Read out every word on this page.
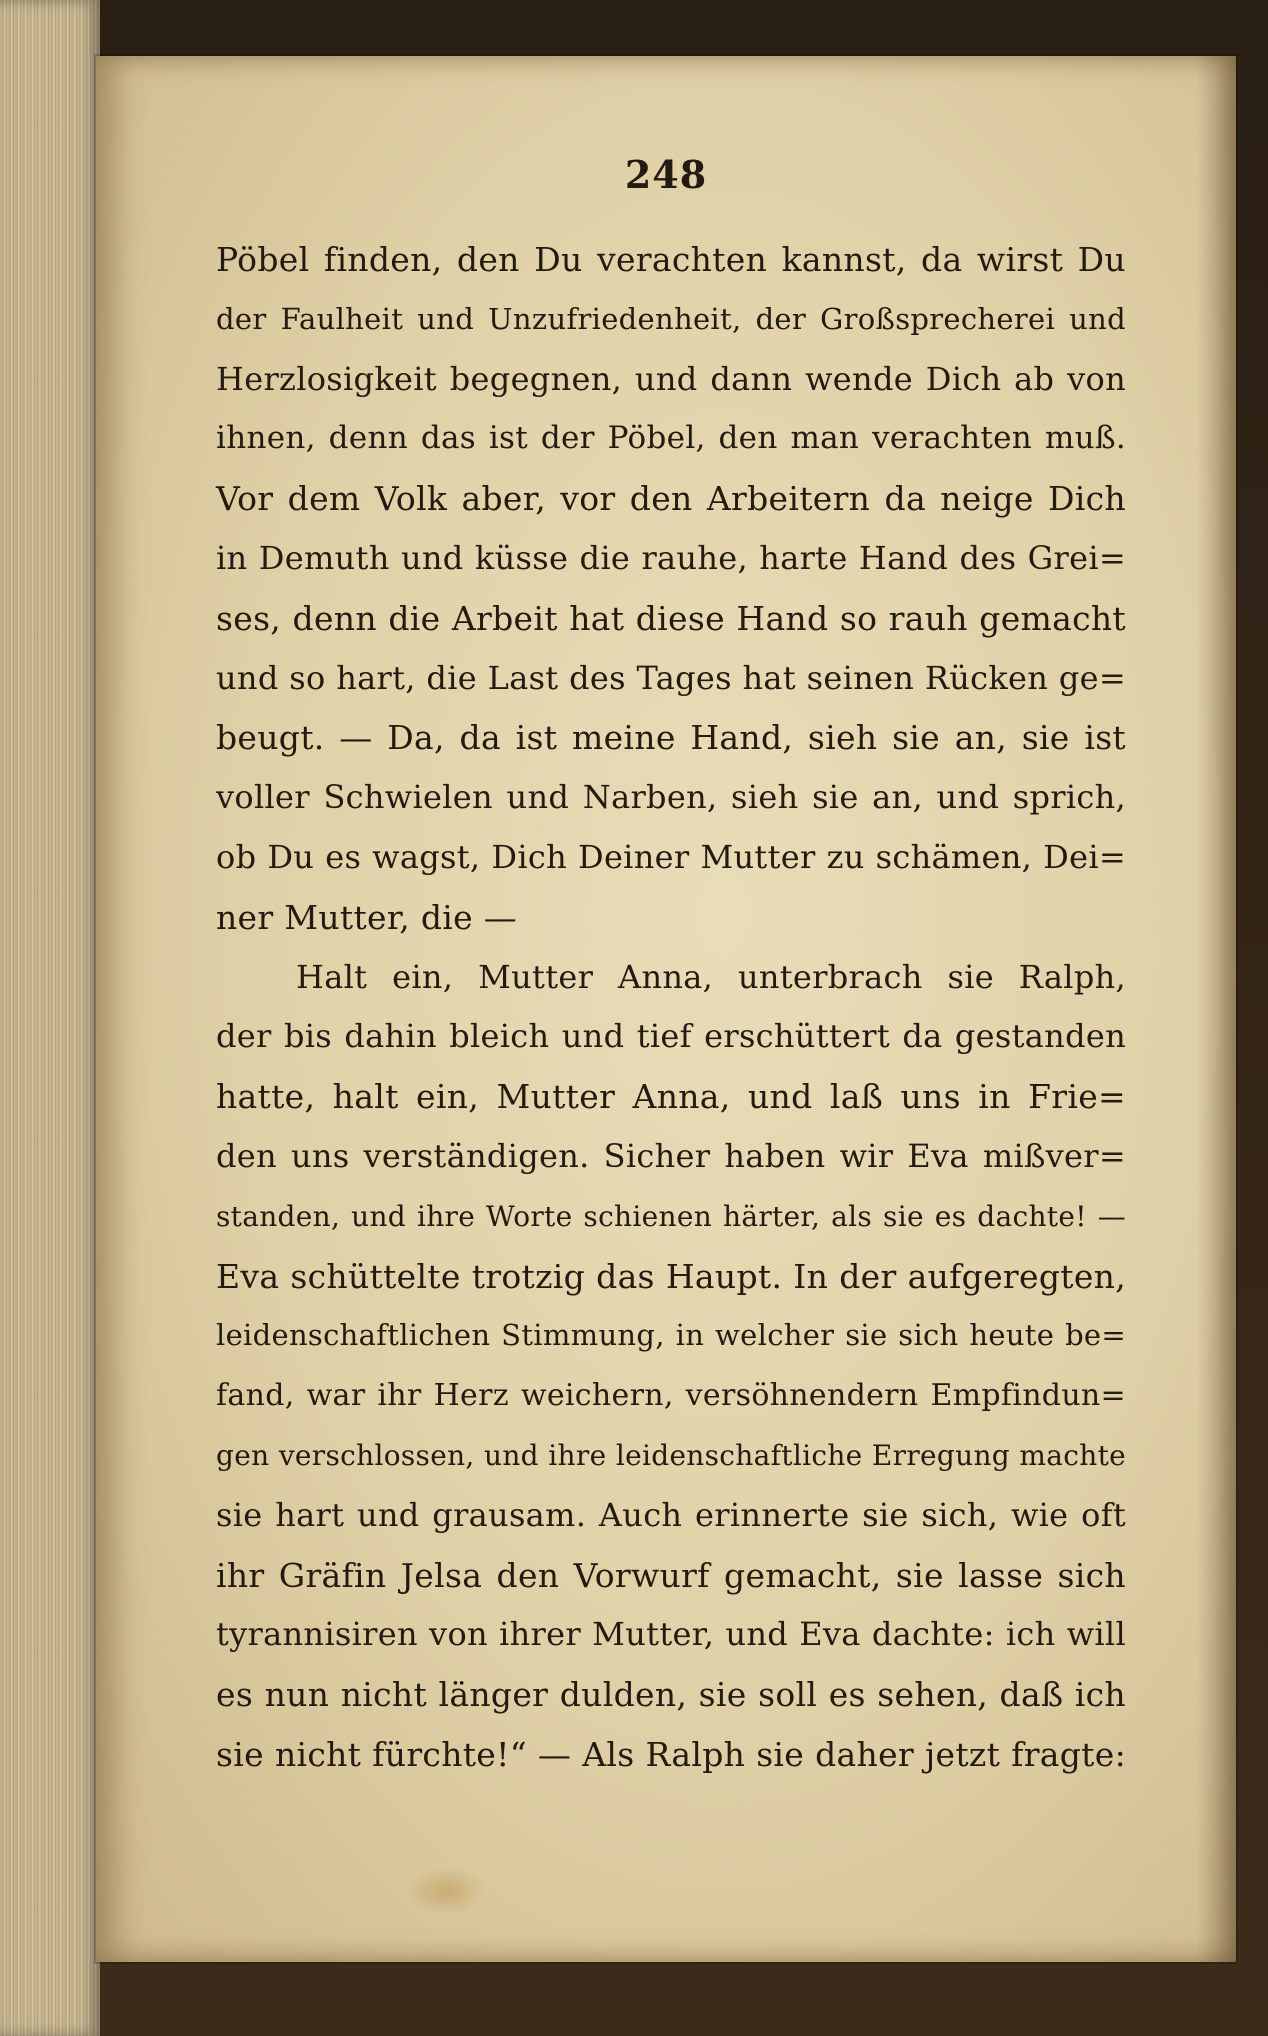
248
Pöbel finden, den Du verachten kannst, da wirst Du
der Faulheit und Unzufriedenheit, der Großsprecherei und
Herzlosigkeit begegnen, und dann wende Dich ab von
ihnen, denn das ist der Pöbel, den man verachten muß.
Vor dem Volk aber, vor den Arbeitern da neige Dich
in Demuth und küsse die rauhe, harte Hand des Grei=
ses, denn die Arbeit hat diese Hand so rauh gemacht
und so hart, die Last des Tages hat seinen Rücken ge=
beugt. — Da, da ist meine Hand, sieh sie an, sie ist
voller Schwielen und Narben, sieh sie an, und sprich,
ob Du es wagst, Dich Deiner Mutter zu schämen, Dei=
ner Mutter, die —
Halt ein, Mutter Anna, unterbrach sie Ralph,
der bis dahin bleich und tief erschüttert da gestanden
hatte, halt ein, Mutter Anna, und laß uns in Frie=
den uns verständigen. Sicher haben wir Eva mißver=
standen, und ihre Worte schienen härter, als sie es dachte! —
Eva schüttelte trotzig das Haupt. In der aufgeregten,
leidenschaftlichen Stimmung, in welcher sie sich heute be=
fand, war ihr Herz weichern, versöhnendern Empfindun=
gen verschlossen, und ihre leidenschaftliche Erregung machte
sie hart und grausam. Auch erinnerte sie sich, wie oft
ihr Gräfin Jelsa den Vorwurf gemacht, sie lasse sich
tyrannisiren von ihrer Mutter, und Eva dachte: ich will
es nun nicht länger dulden, sie soll es sehen, daß ich
sie nicht fürchte!“ — Als Ralph sie daher jetzt fragte:
